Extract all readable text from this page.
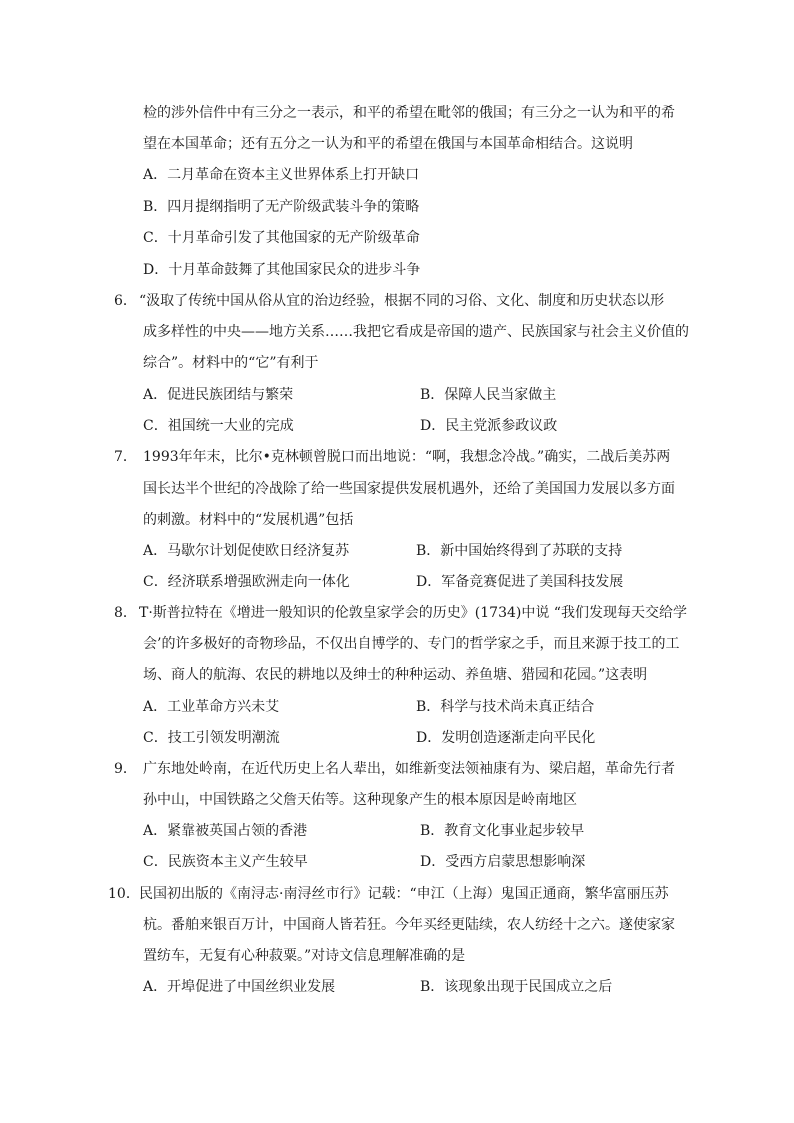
检的涉外信件中有三分之一表示，和平的希望在毗邻的俄国；有三分之一认为和平的希
望在本国革命；还有五分之一认为和平的希望在俄国与本国革命相结合。这说明
A．二月革命在资本主义世界体系上打开缺口
B．四月提纲指明了无产阶级武装斗争的策略
C．十月革命引发了其他国家的无产阶级革命
D．十月革命鼓舞了其他国家民众的进步斗争
6． “汲取了传统中国从俗从宜的治边经验，根据不同的习俗、文化、制度和历史状态以形
成多样性的中央——地方关系……我把它看成是帝国的遗产、民族国家与社会主义价值的
综合”。材料中的“它”有利于
A．促进民族团结与繁荣	B．保障人民当家做主
C．祖国统一大业的完成	D．民主党派参政议政
7． 1993年年末，比尔•克林顿曾脱口而出地说：“啊，我想念冷战。”确实，二战后美苏两
国长达半个世纪的冷战除了给一些国家提供发展机遇外，还给了美国国力发展以多方面
的刺激。材料中的“发展机遇”包括
A．马歇尔计划促使欧日经济复苏	B．新中国始终得到了苏联的支持
C．经济联系增强欧洲走向一体化	D．军备竞赛促进了美国科技发展
8． T·斯普拉特在《增进一般知识的伦敦皇家学会的历史》(1734)中说 “我们发现每天交给学
会’的许多极好的奇物珍品，不仅出自博学的、专门的哲学家之手，而且来源于技工的工
场、商人的航海、农民的耕地以及绅士的种种运动、养鱼塘、猎园和花园。”这表明
A．工业革命方兴未艾	B．科学与技术尚未真正结合
C．技工引领发明潮流	D．发明创造逐渐走向平民化
9． 广东地处岭南，在近代历史上名人辈出，如维新变法领袖康有为、梁启超，革命先行者
孙中山，中国铁路之父詹天佑等。这种现象产生的根本原因是岭南地区
A．紧靠被英国占领的香港	B．教育文化事业起步较早
C．民族资本主义产生较早	D．受西方启蒙思想影响深
10． 民国初出版的《南浔志·南浔丝市行》记载：“申江（上海）鬼国正通商，繁华富丽压苏
杭。番舶来银百万计，中国商人皆若狂。今年买经更陆续，农人纺经十之六。遂使家家
置纺车，无复有心种菽粟。”对诗文信息理解准确的是
A．开埠促进了中国丝织业发展	B．该现象出现于民国成立之后
